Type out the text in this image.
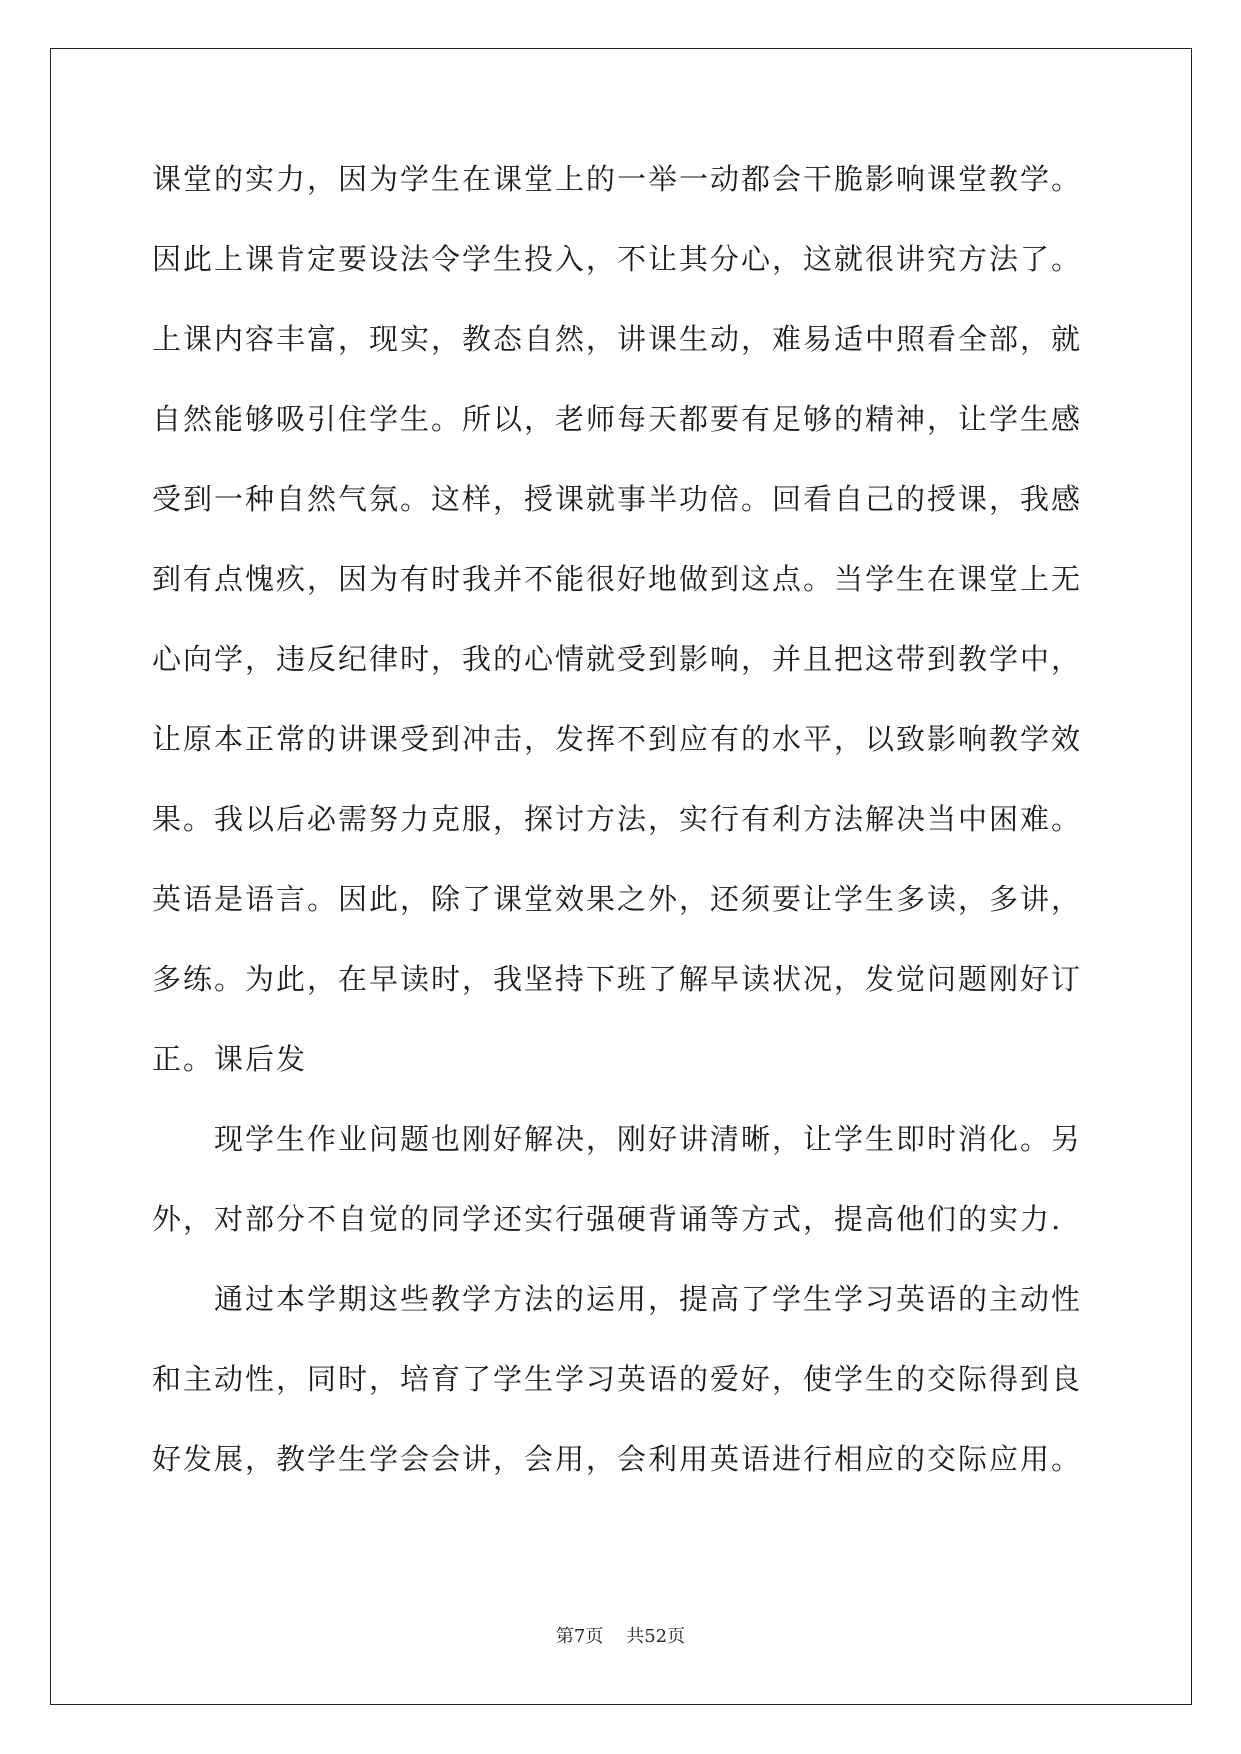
课堂的实力，因为学生在课堂上的一举一动都会干脆影响课堂教学。
因此上课肯定要设法令学生投入，不让其分心，这就很讲究方法了。
上课内容丰富，现实，教态自然，讲课生动，难易适中照看全部，就
自然能够吸引住学生。所以，老师每天都要有足够的精神，让学生感
受到一种自然气氛。这样，授课就事半功倍。回看自己的授课，我感
到有点愧疚，因为有时我并不能很好地做到这点。当学生在课堂上无
心向学，违反纪律时，我的心情就受到影响，并且把这带到教学中，
让原本正常的讲课受到冲击，发挥不到应有的水平，以致影响教学效
果。我以后必需努力克服，探讨方法，实行有利方法解决当中困难。
英语是语言。因此，除了课堂效果之外，还须要让学生多读，多讲，
多练。为此，在早读时，我坚持下班了解早读状况，发觉问题刚好订
正。课后发
现学生作业问题也刚好解决，刚好讲清晰，让学生即时消化。另
外，对部分不自觉的同学还实行强硬背诵等方式，提高他们的实力.
通过本学期这些教学方法的运用，提高了学生学习英语的主动性
和主动性，同时，培育了学生学习英语的爱好，使学生的交际得到良
好发展，教学生学会会讲，会用，会利用英语进行相应的交际应用。
第7页    共52页
